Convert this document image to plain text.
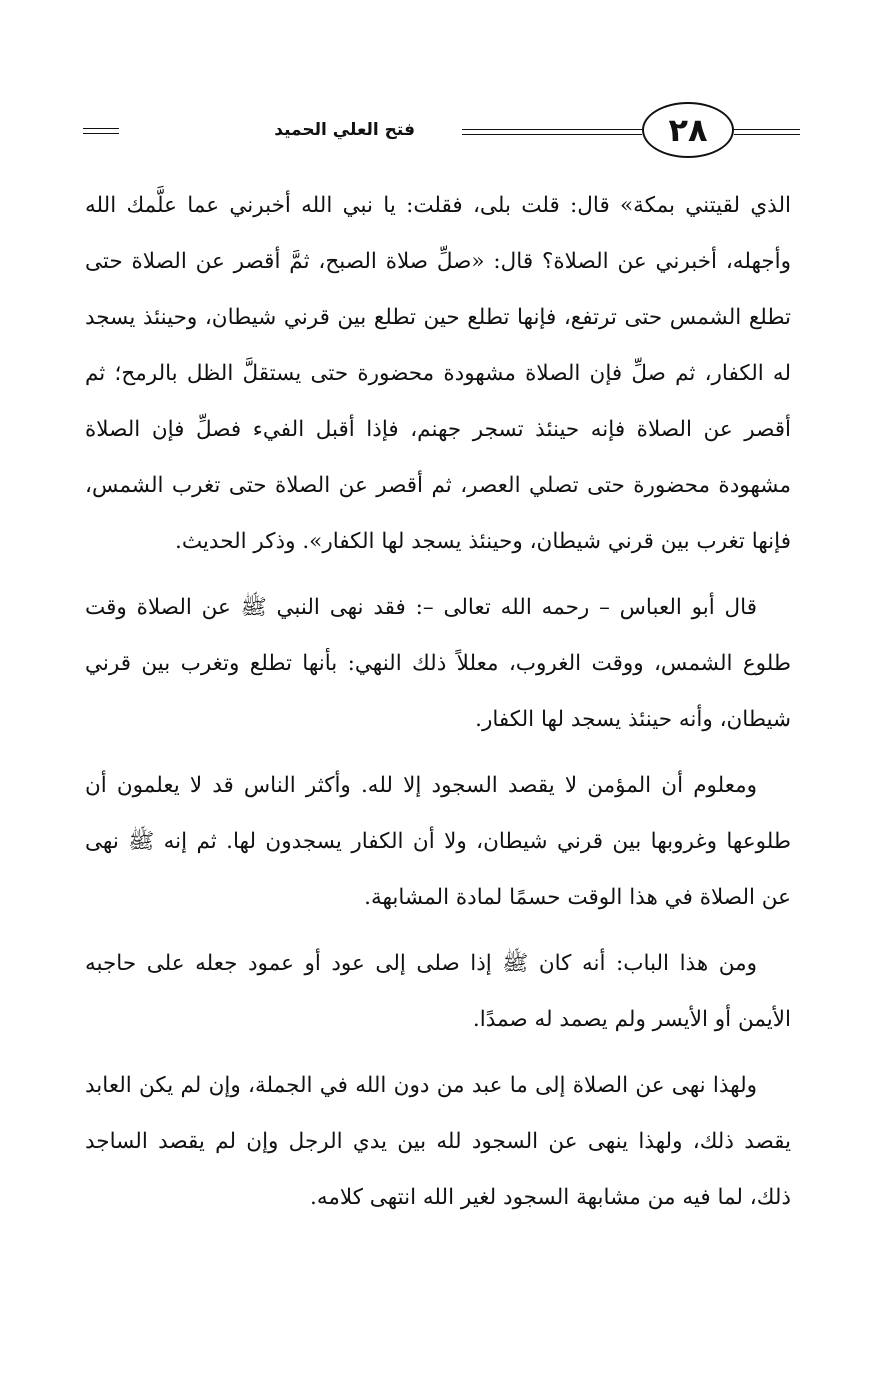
٢٨
فتح العلي الحميد

الذي لقيتني بمكة» قال: قلت بلى، فقلت: يا نبي الله أخبرني عما علَّمك الله وأجهله، أخبرني عن الصلاة؟ قال: «صلِّ صلاة الصبح، ثمَّ أقصر عن الصلاة حتى تطلع الشمس حتى ترتفع، فإنها تطلع حين تطلع بين قرني شيطان، وحينئذ يسجد له الكفار، ثم صلِّ فإن الصلاة مشهودة محضورة حتى يستقلَّ الظل بالرمح؛ ثم أقصر عن الصلاة فإنه حينئذ تسجر جهنم، فإذا أقبل الفيء فصلِّ فإن الصلاة مشهودة محضورة حتى تصلي العصر، ثم أقصر عن الصلاة حتى تغرب الشمس، فإنها تغرب بين قرني شيطان، وحينئذ يسجد لها الكفار». وذكر الحديث.

قال أبو العباس – رحمه الله تعالى –: فقد نهى النبي ﷺ عن الصلاة وقت طلوع الشمس، ووقت الغروب، معللاً ذلك النهي: بأنها تطلع وتغرب بين قرني شيطان، وأنه حينئذ يسجد لها الكفار.

ومعلوم أن المؤمن لا يقصد السجود إلا لله. وأكثر الناس قد لا يعلمون أن طلوعها وغروبها بين قرني شيطان، ولا أن الكفار يسجدون لها. ثم إنه ﷺ نهى عن الصلاة في هذا الوقت حسمًا لمادة المشابهة.

ومن هذا الباب: أنه كان ﷺ إذا صلى إلى عود أو عمود جعله على حاجبه الأيمن أو الأيسر ولم يصمد له صمدًا.

ولهذا نهى عن الصلاة إلى ما عبد من دون الله في الجملة، وإن لم يكن العابد يقصد ذلك، ولهذا ينهى عن السجود لله بين يدي الرجل وإن لم يقصد الساجد ذلك، لما فيه من مشابهة السجود لغير الله انتهى كلامه.
